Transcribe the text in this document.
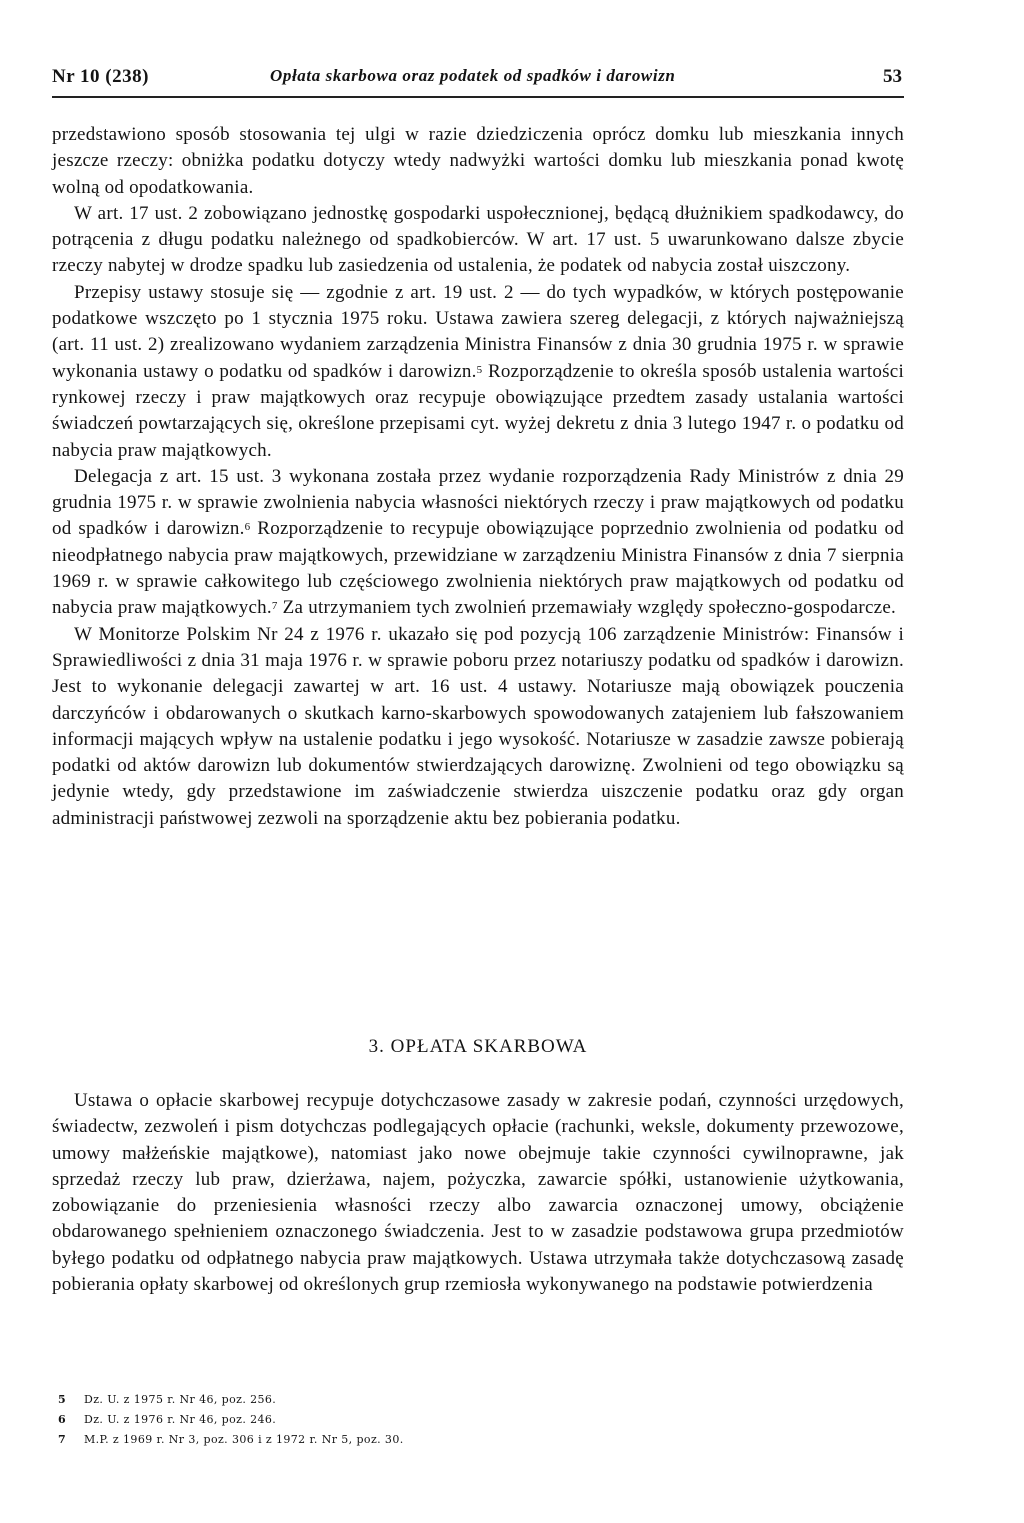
Nr 10 (238)	Opłata skarbowa oraz podatek od spadków i darowizn	53

przedstawiono sposób stosowania tej ulgi w razie dziedziczenia oprócz domku lub mieszkania innych jeszcze rzeczy: obniżka podatku dotyczy wtedy nadwyżki wartości domku lub mieszkania ponad kwotę wolną od opodatkowania.

W art. 17 ust. 2 zobowiązano jednostkę gospodarki uspołecznionej, będącą dłużnikiem spadkodawcy, do potrącenia z długu podatku należnego od spadkobierców. W art. 17 ust. 5 uwarunkowano dalsze zbycie rzeczy nabytej w drodze spadku lub zasiedzenia od ustalenia, że podatek od nabycia został uiszczony.

Przepisy ustawy stosuje się — zgodnie z art. 19 ust. 2 — do tych wypadków, w których postępowanie podatkowe wszczęto po 1 stycznia 1975 roku. Ustawa zawiera szereg delegacji, z których najważniejszą (art. 11 ust. 2) zrealizowano wydaniem zarządzenia Ministra Finansów z dnia 30 grudnia 1975 r. w sprawie wykonania ustawy o podatku od spadków i darowizn.$^5$ Rozporządzenie to określa sposób ustalenia wartości rynkowej rzeczy i praw majątkowych oraz recypuje obowiązujące przedtem zasady ustalania wartości świadczeń powtarzających się, określone przepisami cyt. wyżej dekretu z dnia 3 lutego 1947 r. o podatku od nabycia praw majątkowych.

Delegacja z art. 15 ust. 3 wykonana została przez wydanie rozporządzenia Rady Ministrów z dnia 29 grudnia 1975 r. w sprawie zwolnienia nabycia własności niektórych rzeczy i praw majątkowych od podatku od spadków i darowizn.$^6$ Rozporządzenie to recypuje obowiązujące poprzednio zwolnienia od podatku od nieodpłatnego nabycia praw majątkowych, przewidziane w zarządzeniu Ministra Finansów z dnia 7 sierpnia 1969 r. w sprawie całkowitego lub częściowego zwolnienia niektórych praw majątkowych od podatku od nabycia praw majątkowych.$^7$ Za utrzymaniem tych zwolnień przemawiały względy społeczno-gospodarcze.

W Monitorze Polskim Nr 24 z 1976 r. ukazało się pod pozycją 106 zarządzenie Ministrów: Finansów i Sprawiedliwości z dnia 31 maja 1976 r. w sprawie poboru przez notariuszy podatku od spadków i darowizn. Jest to wykonanie delegacji zawartej w art. 16 ust. 4 ustawy. Notariusze mają obowiązek pouczenia darczyńców i obdarowanych o skutkach karno-skarbowych spowodowanych zatajeniem lub fałszowaniem informacji mających wpływ na ustalenie podatku i jego wysokość. Notariusze w zasadzie zawsze pobierają podatki od aktów darowizn lub dokumentów stwierdzających darowiznę. Zwolnieni od tego obowiązku są jedynie wtedy, gdy przedstawione im zaświadczenie stwierdza uiszczenie podatku oraz gdy organ administracji państwowej zezwoli na sporządzenie aktu bez pobierania podatku.

3. OPŁATA SKARBOWA

Ustawa o opłacie skarbowej recypuje dotychczasowe zasady w zakresie podań, czynności urzędowych, świadectw, zezwoleń i pism dotychczas podlegających opłacie (rachunki, weksle, dokumenty przewozowe, umowy małżeńskie majątkowe), natomiast jako nowe obejmuje takie czynności cywilnoprawne, jak sprzedaż rzeczy lub praw, dzierżawa, najem, pożyczka, zawarcie spółki, ustanowienie użytkowania, zobowiązanie do przeniesienia własności rzeczy albo zawarcia oznaczonej umowy, obciążenie obdarowanego spełnieniem oznaczonego świadczenia. Jest to w zasadzie podstawowa grupa przedmiotów byłego podatku od odpłatnego nabycia praw majątkowych. Ustawa utrzymała także dotychczasową zasadę pobierania opłaty skarbowej od określonych grup rzemiosła wykonywanego na podstawie potwierdzenia

5	Dz. U. z 1975 r. Nr 46, poz. 256.
6	Dz. U. z 1976 r. Nr 46, poz. 246.
7	M.P. z 1969 r. Nr 3, poz. 306 i z 1972 r. Nr 5, poz. 30.
